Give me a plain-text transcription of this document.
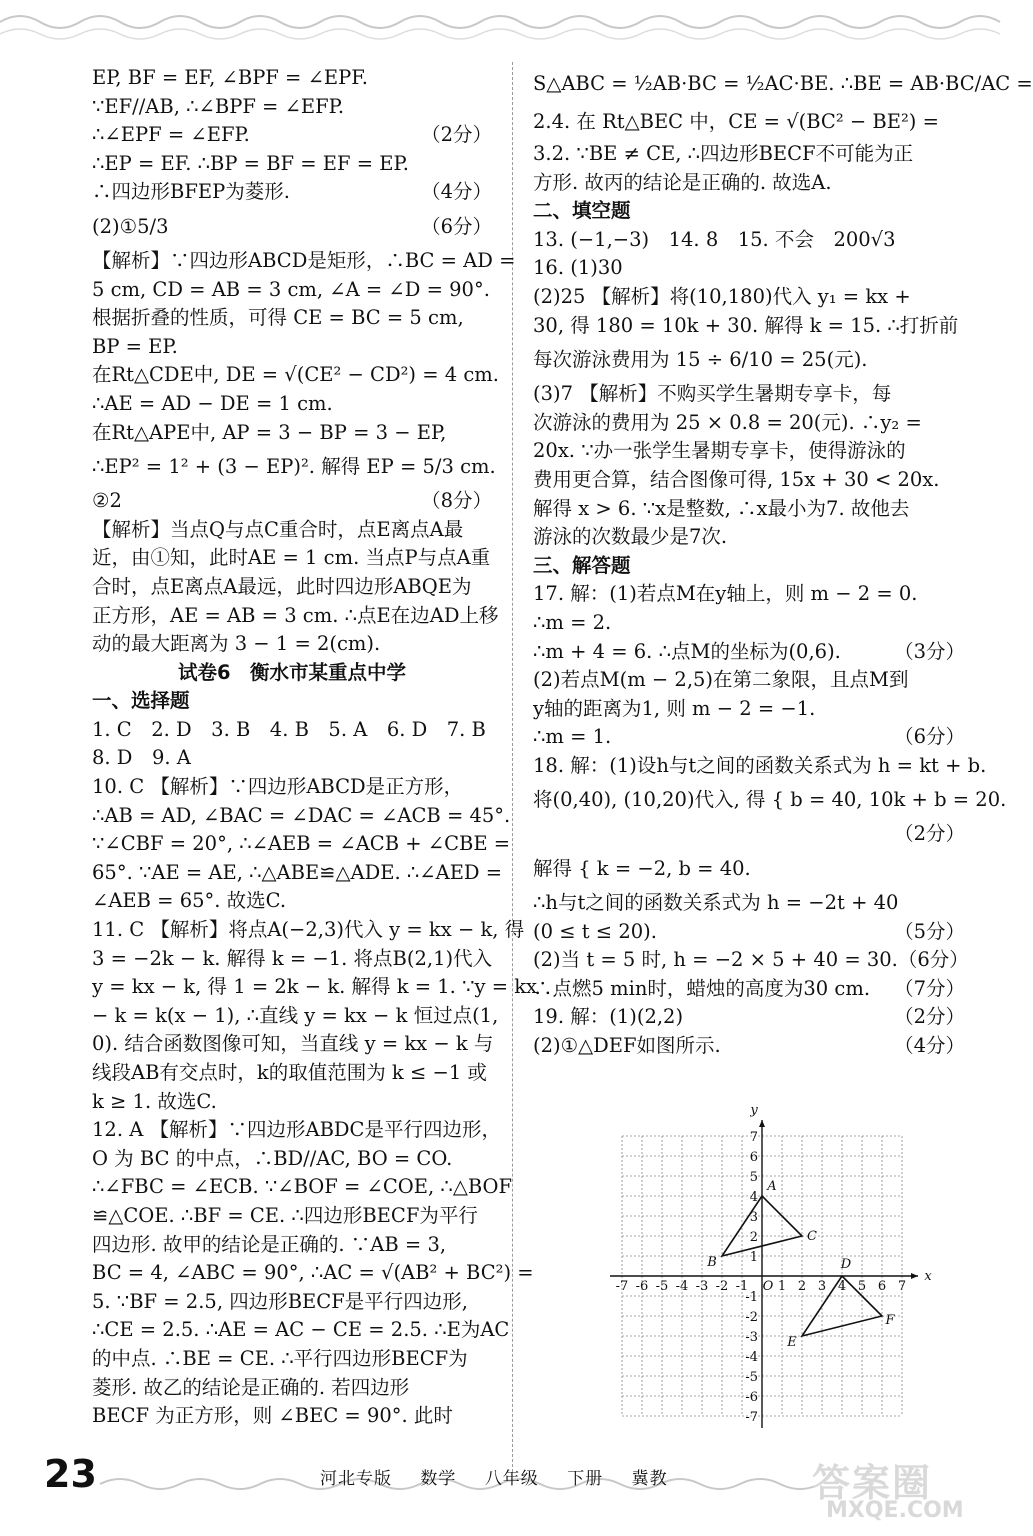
EP, BF = EF, ∠BPF = ∠EPF.
∵EF//AB, ∴∠BPF = ∠EFP.
∴∠EPF = ∠EFP.	（2分）
∴EP = EF. ∴BP = BF = EF = EP.
∴四边形BFEP为菱形.	（4分）
(2)①5/3	（6分）
【解析】∵四边形ABCD是矩形，∴BC = AD =
5 cm, CD = AB = 3 cm, ∠A = ∠D = 90°.
根据折叠的性质，可得 CE = BC = 5 cm,
BP = EP.
在Rt△CDE中, DE = √(CE² − CD²) = 4 cm.
∴AE = AD − DE = 1 cm.
在Rt△APE中, AP = 3 − BP = 3 − EP,
∴EP² = 1² + (3 − EP)². 解得 EP = 5/3 cm.
②2	（8分）
【解析】当点Q与点C重合时，点E离点A最
近，由①知，此时AE = 1 cm. 当点P与点A重
合时，点E离点A最远，此时四边形ABQE为
正方形，AE = AB = 3 cm. ∴点E在边AD上移
动的最大距离为 3 − 1 = 2(cm).
试卷6　衡水市某重点中学
一、选择题
1. C　2. D　3. B　4. B　5. A　6. D　7. B
8. D　9. A
10. C 【解析】∵四边形ABCD是正方形，
∴AB = AD, ∠BAC = ∠DAC = ∠ACB = 45°.
∵∠CBF = 20°, ∴∠AEB = ∠ACB + ∠CBE =
65°. ∵AE = AE, ∴△ABE≌△ADE. ∴∠AED =
∠AEB = 65°. 故选C.
11. C 【解析】将点A(−2,3)代入 y = kx − k, 得
3 = −2k − k. 解得 k = −1. 将点B(2,1)代入
y = kx − k, 得 1 = 2k − k. 解得 k = 1. ∵y = kx
− k = k(x − 1), ∴直线 y = kx − k 恒过点(1,
0). 结合函数图像可知，当直线 y = kx − k 与
线段AB有交点时，k的取值范围为 k ≤ −1 或
k ≥ 1. 故选C.
12. A 【解析】∵四边形ABDC是平行四边形，
O 为 BC 的中点，∴BD//AC, BO = CO.
∴∠FBC = ∠ECB. ∵∠BOF = ∠COE, ∴△BOF
≌△COE. ∴BF = CE. ∴四边形BECF为平行
四边形. 故甲的结论是正确的. ∵AB = 3,
BC = 4, ∠ABC = 90°, ∴AC = √(AB² + BC²) =
5. ∵BF = 2.5, 四边形BECF是平行四边形,
∴CE = 2.5. ∴AE = AC − CE = 2.5. ∴E为AC
的中点. ∴BE = CE. ∴平行四边形BECF为
菱形. 故乙的结论是正确的. 若四边形
BECF 为正方形，则 ∠BEC = 90°. 此时
S△ABC = ½AB·BC = ½AC·BE. ∴BE = AB·BC/AC =
2.4. 在 Rt△BEC 中，CE = √(BC² − BE²) =
3.2. ∵BE ≠ CE, ∴四边形BECF不可能为正
方形. 故丙的结论是正确的. 故选A.
二、填空题
13. (−1,−3)　14. 8　15. 不会　200√3
16. (1)30
(2)25 【解析】将(10,180)代入 y₁ = kx +
30, 得 180 = 10k + 30. 解得 k = 15. ∴打折前
每次游泳费用为 15 ÷ 6/10 = 25(元).
(3)7 【解析】不购买学生暑期专享卡，每
次游泳的费用为 25 × 0.8 = 20(元). ∴y₂ =
20x. ∵办一张学生暑期专享卡，使得游泳的
费用更合算，结合图像可得, 15x + 30 < 20x.
解得 x > 6. ∵x是整数, ∴x最小为7. 故他去
游泳的次数最少是7次.
三、解答题
17. 解：(1)若点M在y轴上，则 m − 2 = 0.
∴m = 2.
∴m + 4 = 6. ∴点M的坐标为(0,6).	（3分）
(2)若点M(m − 2,5)在第二象限，且点M到
y轴的距离为1, 则 m − 2 = −1.
∴m = 1.	（6分）
18. 解：(1)设h与t之间的函数关系式为 h = kt + b.
将(0,40), (10,20)代入, 得 { b = 40, 10k + b = 20.
（2分）
解得 { k = −2, b = 40.
∴h与t之间的函数关系式为 h = −2t + 40
(0 ≤ t ≤ 20).	（5分）
(2)当 t = 5 时, h = −2 × 5 + 40 = 30. （6分）
∴点燃5 min时，蜡烛的高度为30 cm. （7分）
19. 解：(1)(2,2)	（2分）
(2)①△DEF如图所示.	（4分）
x
y
O
-7 -6 -5 -4 -3 -2 -1 1 2 3 4 5 6 7
7
6
5
4
3
2
1
-1
-2
-3
-4
-5
-6
-7
A
B
C
D
E
F
23	河北专版 数学 八年级 下册 冀教	答案圈
MXQE.COM
